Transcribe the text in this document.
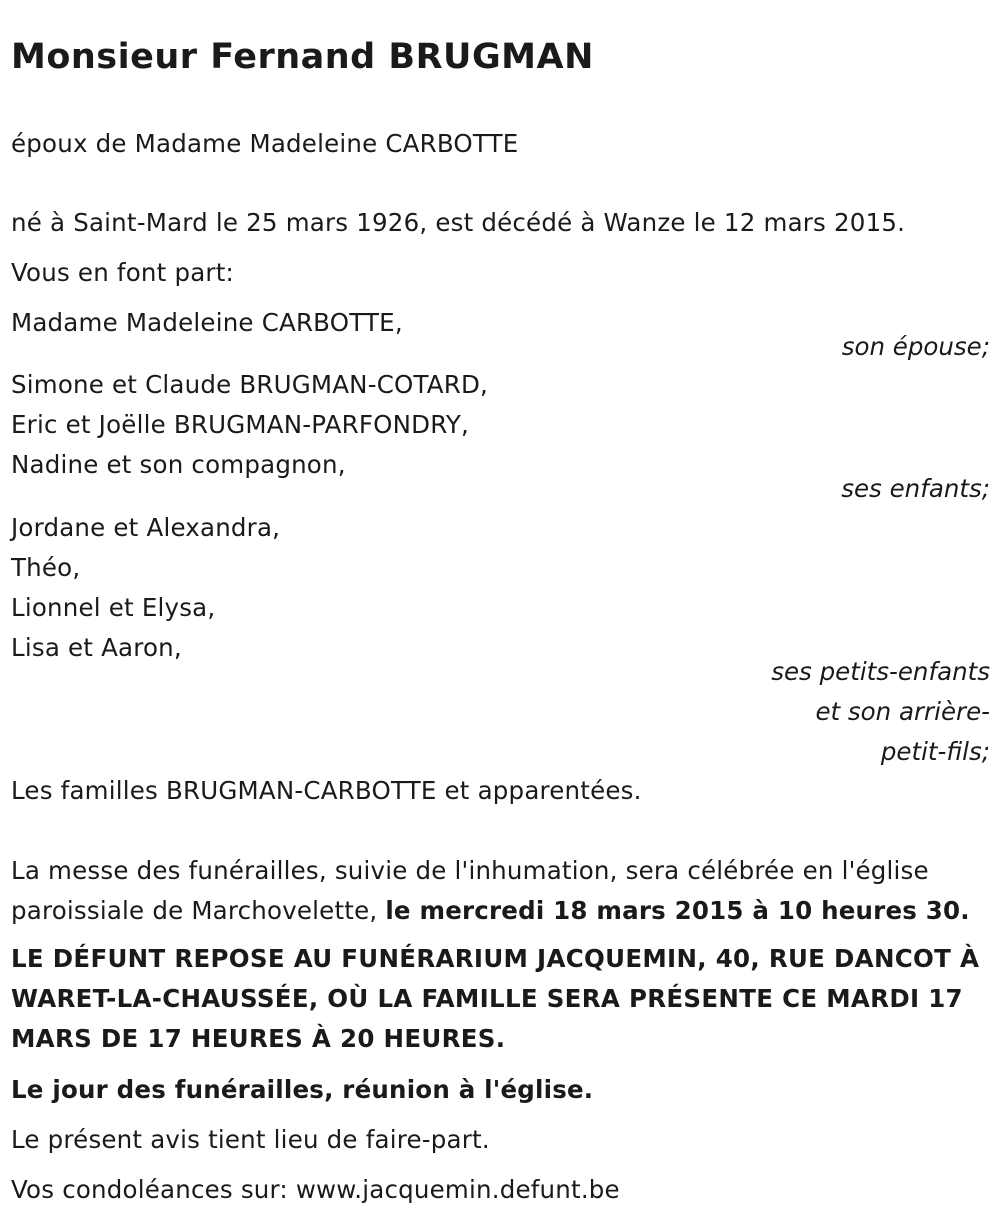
Monsieur Fernand BRUGMAN
époux de Madame Madeleine CARBOTTE
né à Saint-Mard le 25 mars 1926, est décédé à Wanze le 12 mars 2015.
Vous en font part:
Madame Madeleine CARBOTTE,
son épouse;
Simone et Claude BRUGMAN-COTARD,
Eric et Joëlle BRUGMAN-PARFONDRY,
Nadine et son compagnon,
ses enfants;
Jordane et Alexandra,
Théo,
Lionnel et Elysa,
Lisa et Aaron,
ses petits-enfants
et son arrière-
petit-fils;
Les familles BRUGMAN-CARBOTTE et apparentées.
La messe des funérailles, suivie de l'inhumation, sera célébrée en l'église
paroissiale de Marchovelette, le mercredi 18 mars 2015 à 10 heures 30.
LE DÉFUNT REPOSE AU FUNÉRARIUM JACQUEMIN, 40, RUE DANCOT À
WARET-LA-CHAUSSÉE, OÙ LA FAMILLE SERA PRÉSENTE CE MARDI 17
MARS DE 17 HEURES À 20 HEURES.
Le jour des funérailles, réunion à l'église.
Le présent avis tient lieu de faire-part.
Vos condoléances sur: www.jacquemin.defunt.be
